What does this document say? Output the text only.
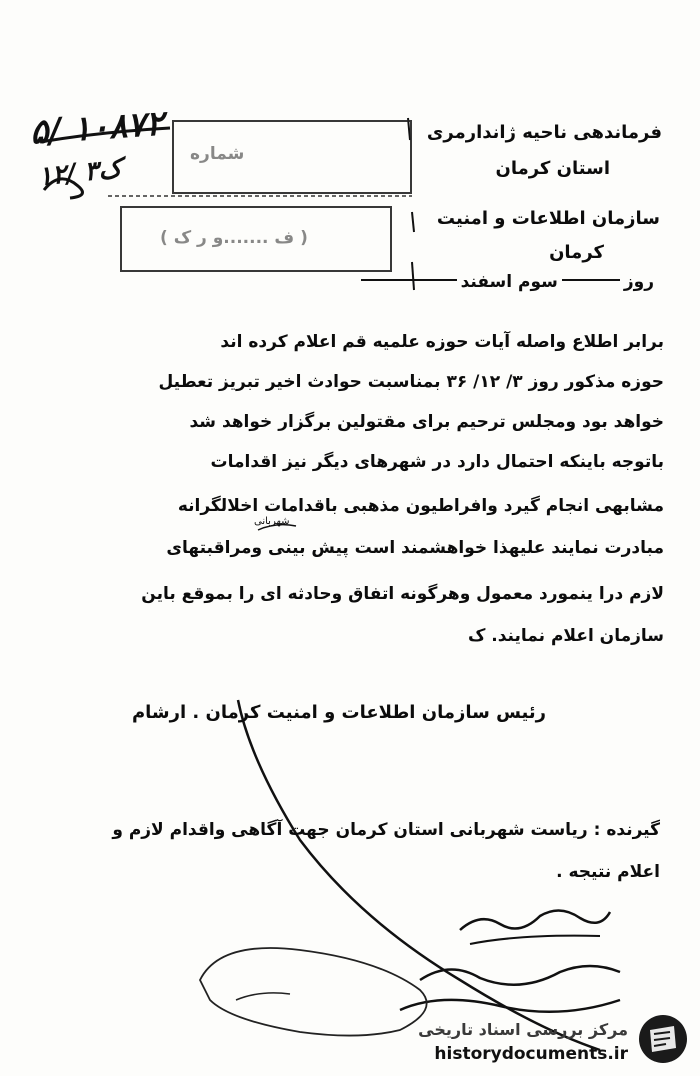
شماره
( ف .......و ر ک )
۵/ ۱۰۸۷۲
۱۲/ ۳ک
فرماندهی ناحیه ژاندارمری
استان کرمان
سازمان اطلاعات و امنیت
کرمان
روزسوم اسفند
برابر اطلاع واصله آیات حوزه علمیه قم اعلام کرده اند
حوزه مذکور روز ۳/ ۱۲/ ۳۶ بمناسبت حوادث اخیر تبریز تعطیل
خواهد بود ومجلس ترحیم برای مقتولین برگزار خواهد شد
باتوجه باینکه احتمال دارد در شهرهای دیگر نیز اقدامات
مشابهی انجام گیرد وافراطیون مذهبی باقدامات اخلالگرانه
مبادرت نمایند علیهذا خواهشمند است پیش بینی ومراقبتهای
لازم درا ینمورد معمول وهرگونه اتفاق وحادثه ای را بموقع باین
سازمان اعلام نمایند. ک
شهربانی
رئیس سازمان اطلاعات و امنیت کرمان . ارشام
گیرنده : ریاست شهربانی استان کرمان جهت آگاهی واقدام لازم و
اعلام نتیجه .
مرکز بررسی اسناد تاریخی
historydocuments.ir
